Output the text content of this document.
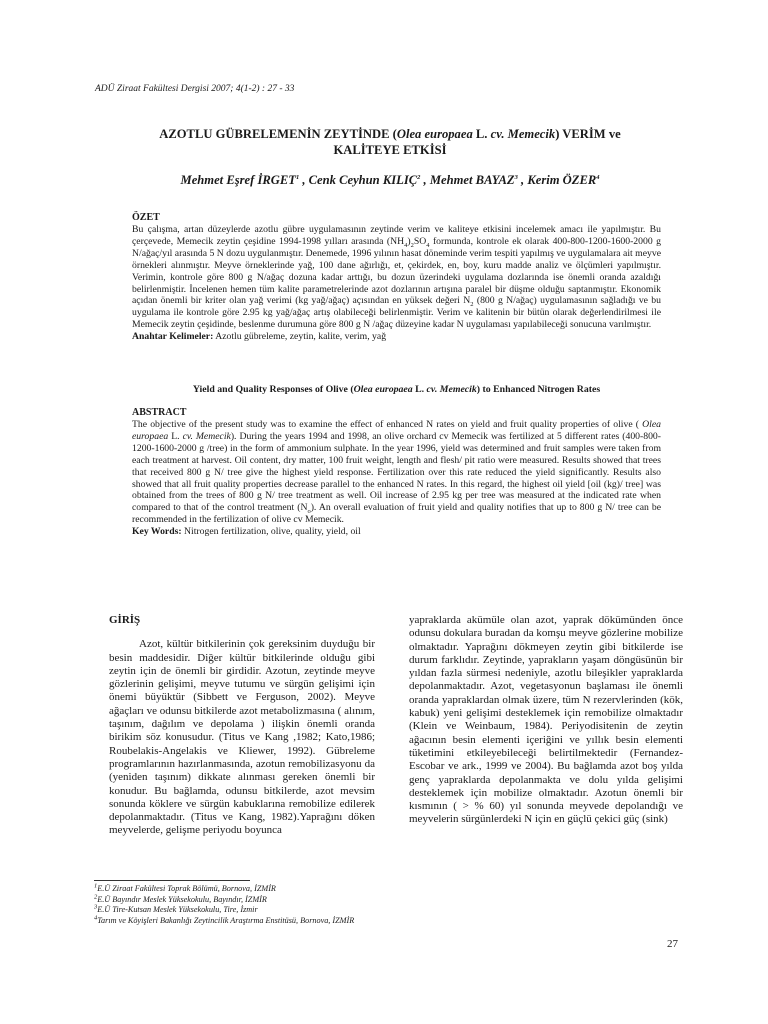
ADÜ Ziraat Fakültesi Dergisi 2007; 4(1-2) : 27 - 33
AZOTLU GÜBRELEMENİN ZEYTİNDE (Olea europaea L. cv. Memecik) VERİM ve
KALİTEYE ETKİSİ
Mehmet Eşref İRGET$^1$ , Cenk Ceyhun KILIÇ$^2$ , Mehmet BAYAZ$^3$ , Kerim ÖZER$^4$
ÖZET
Bu çalışma, artan düzeylerde azotlu gübre uygulamasının zeytinde verim ve kaliteye etkisini incelemek amacı ile yapılmıştır. Bu çerçevede, Memecik zeytin çeşidine 1994-1998 yılları arasında $(NH_4)_2SO_4$ formunda, kontrole ek olarak 400-800-1200-1600-2000 g N/ağaç/yıl arasında 5 N dozu uygulanmıştır. Denemede, 1996 yılının hasat döneminde verim tespiti yapılmış ve uygulamalara ait meyve örnekleri alınmıştır. Meyve örneklerinde yağ, 100 dane ağırlığı, et, çekirdek, en, boy, kuru madde analiz ve ölçümleri yapılmıştır. Verimin, kontrole göre 800 g N/ağaç dozuna kadar arttığı, bu dozun üzerindeki uygulama dozlarında ise önemli oranda azaldığı belirlenmiştir. İncelenen hemen tüm kalite parametrelerinde azot dozlarının artışına paralel bir düşme olduğu saptanmıştır. Ekonomik açıdan önemli bir kriter olan yağ verimi (kg yağ/ağaç) açısından en yüksek değeri $N_2$ (800 g N/ağaç) uygulamasının sağladığı ve bu uygulama ile kontrole göre 2.95 kg yağ/ağaç artış olabileceği belirlenmiştir. Verim ve kalitenin bir bütün olarak değerlendirilmesi ile Memecik zeytin çeşidinde, beslenme durumuna göre 800 g N /ağaç düzeyine kadar N uygulaması yapılabileceği sonucuna varılmıştır.
Anahtar Kelimeler: Azotlu gübreleme, zeytin, kalite, verim, yağ
Yield and Quality Responses of Olive (Olea europaea L. cv. Memecik) to Enhanced Nitrogen Rates
ABSTRACT
The objective of the present study was to examine the effect of enhanced N rates on yield and fruit quality properties of olive ( Olea europaea L. cv. Memecik). During the years 1994 and 1998, an olive orchard cv Memecik was fertilized at 5 different rates (400-800-1200-1600-2000 g /tree) in the form of ammonium sulphate. In the year 1996, yield was determined and fruit samples were taken from each treatment at harvest. Oil content, dry matter, 100 fruit weight, length and flesh/ pit ratio were measured. Results showed that trees that received 800 g N/ tree give the highest yield response. Fertilization over this rate reduced the yield significantly. Results also showed that all fruit quality properties decrease parallel to the enhanced N rates. In this regard, the highest oil yield [oil (kg)/ tree] was obtained from the trees of 800 g N/ tree treatment as well. Oil increase of 2.95 kg per tree was measured at the indicated rate when compared to that of the control treatment $(N_o)$. An overall evaluation of fruit yield and quality notifies that up to 800 g N/ tree can be recommended in the fertilization of olive cv Memecik.
Key Words: Nitrogen fertilization, olive, quality, yield, oil
GİRİŞ
Azot, kültür bitkilerinin çok gereksinim duyduğu bir besin maddesidir. Diğer kültür bitkilerinde olduğu gibi zeytin için de önemli bir girdidir. Azotun, zeytinde meyve gözlerinin gelişimi, meyve tutumu ve sürgün gelişimi için önemi büyüktür (Sibbett ve Ferguson, 2002). Meyve ağaçları ve odunsu bitkilerde azot metabolizmasına ( alınım, taşınım, dağılım ve depolama ) ilişkin önemli oranda birikim söz konusudur. (Titus ve Kang ,1982; Kato,1986; Roubelakis-Angelakis ve Kliewer, 1992). Gübreleme programlarının hazırlanmasında, azotun remobilizasyonu da (yeniden taşınım) dikkate alınması gereken önemli bir konudur. Bu bağlamda, odunsu bitkilerde, azot mevsim sonunda köklere ve sürgün kabuklarına remobilize edilerek depolanmaktadır. (Titus ve Kang, 1982).Yaprağını döken meyvelerde, gelişme periyodu boyunca
yapraklarda akümüle olan azot, yaprak dökümünden önce odunsu dokulara buradan da komşu meyve gözlerine mobilize olmaktadır. Yaprağını dökmeyen zeytin gibi bitkilerde ise durum farklıdır. Zeytinde, yaprakların yaşam döngüsünün bir yıldan fazla sürmesi nedeniyle, azotlu bileşikler yapraklarda depolanmaktadır. Azot, vegetasyonun başlaması ile önemli oranda yapraklardan olmak üzere, tüm N rezervlerinden (kök, kabuk) yeni gelişimi desteklemek için remobilize olmaktadır (Klein ve Weinbaum, 1984). Periyodisitenin de zeytin ağacının besin elementi içeriğini ve yıllık besin elementi tüketimini etkileyebileceği belirtilmektedir (Fernandez-Escobar ve ark., 1999 ve 2004). Bu bağlamda azot boş yılda genç yapraklarda depolanmakta ve dolu yılda gelişimi desteklemek için mobilize olmaktadır. Azotun önemli bir kısmının ( > % 60) yıl sonunda meyvede depolandığı ve meyvelerin sürgünlerdeki N için en güçlü çekici güç (sink)
$^1$E.Ü Ziraat Fakültesi Toprak Bölümü, Bornova, İZMİR
$^2$E.Ü Bayındır Meslek Yüksekokulu, Bayındır, İZMİR
$^3$E.Ü Tire-Kutsan Meslek Yüksekokulu, Tire, İzmir
$^4$Tarım ve Köyişleri Bakanlığı Zeytincilik Araştırma Enstitüsü, Bornova, İZMİR
27
